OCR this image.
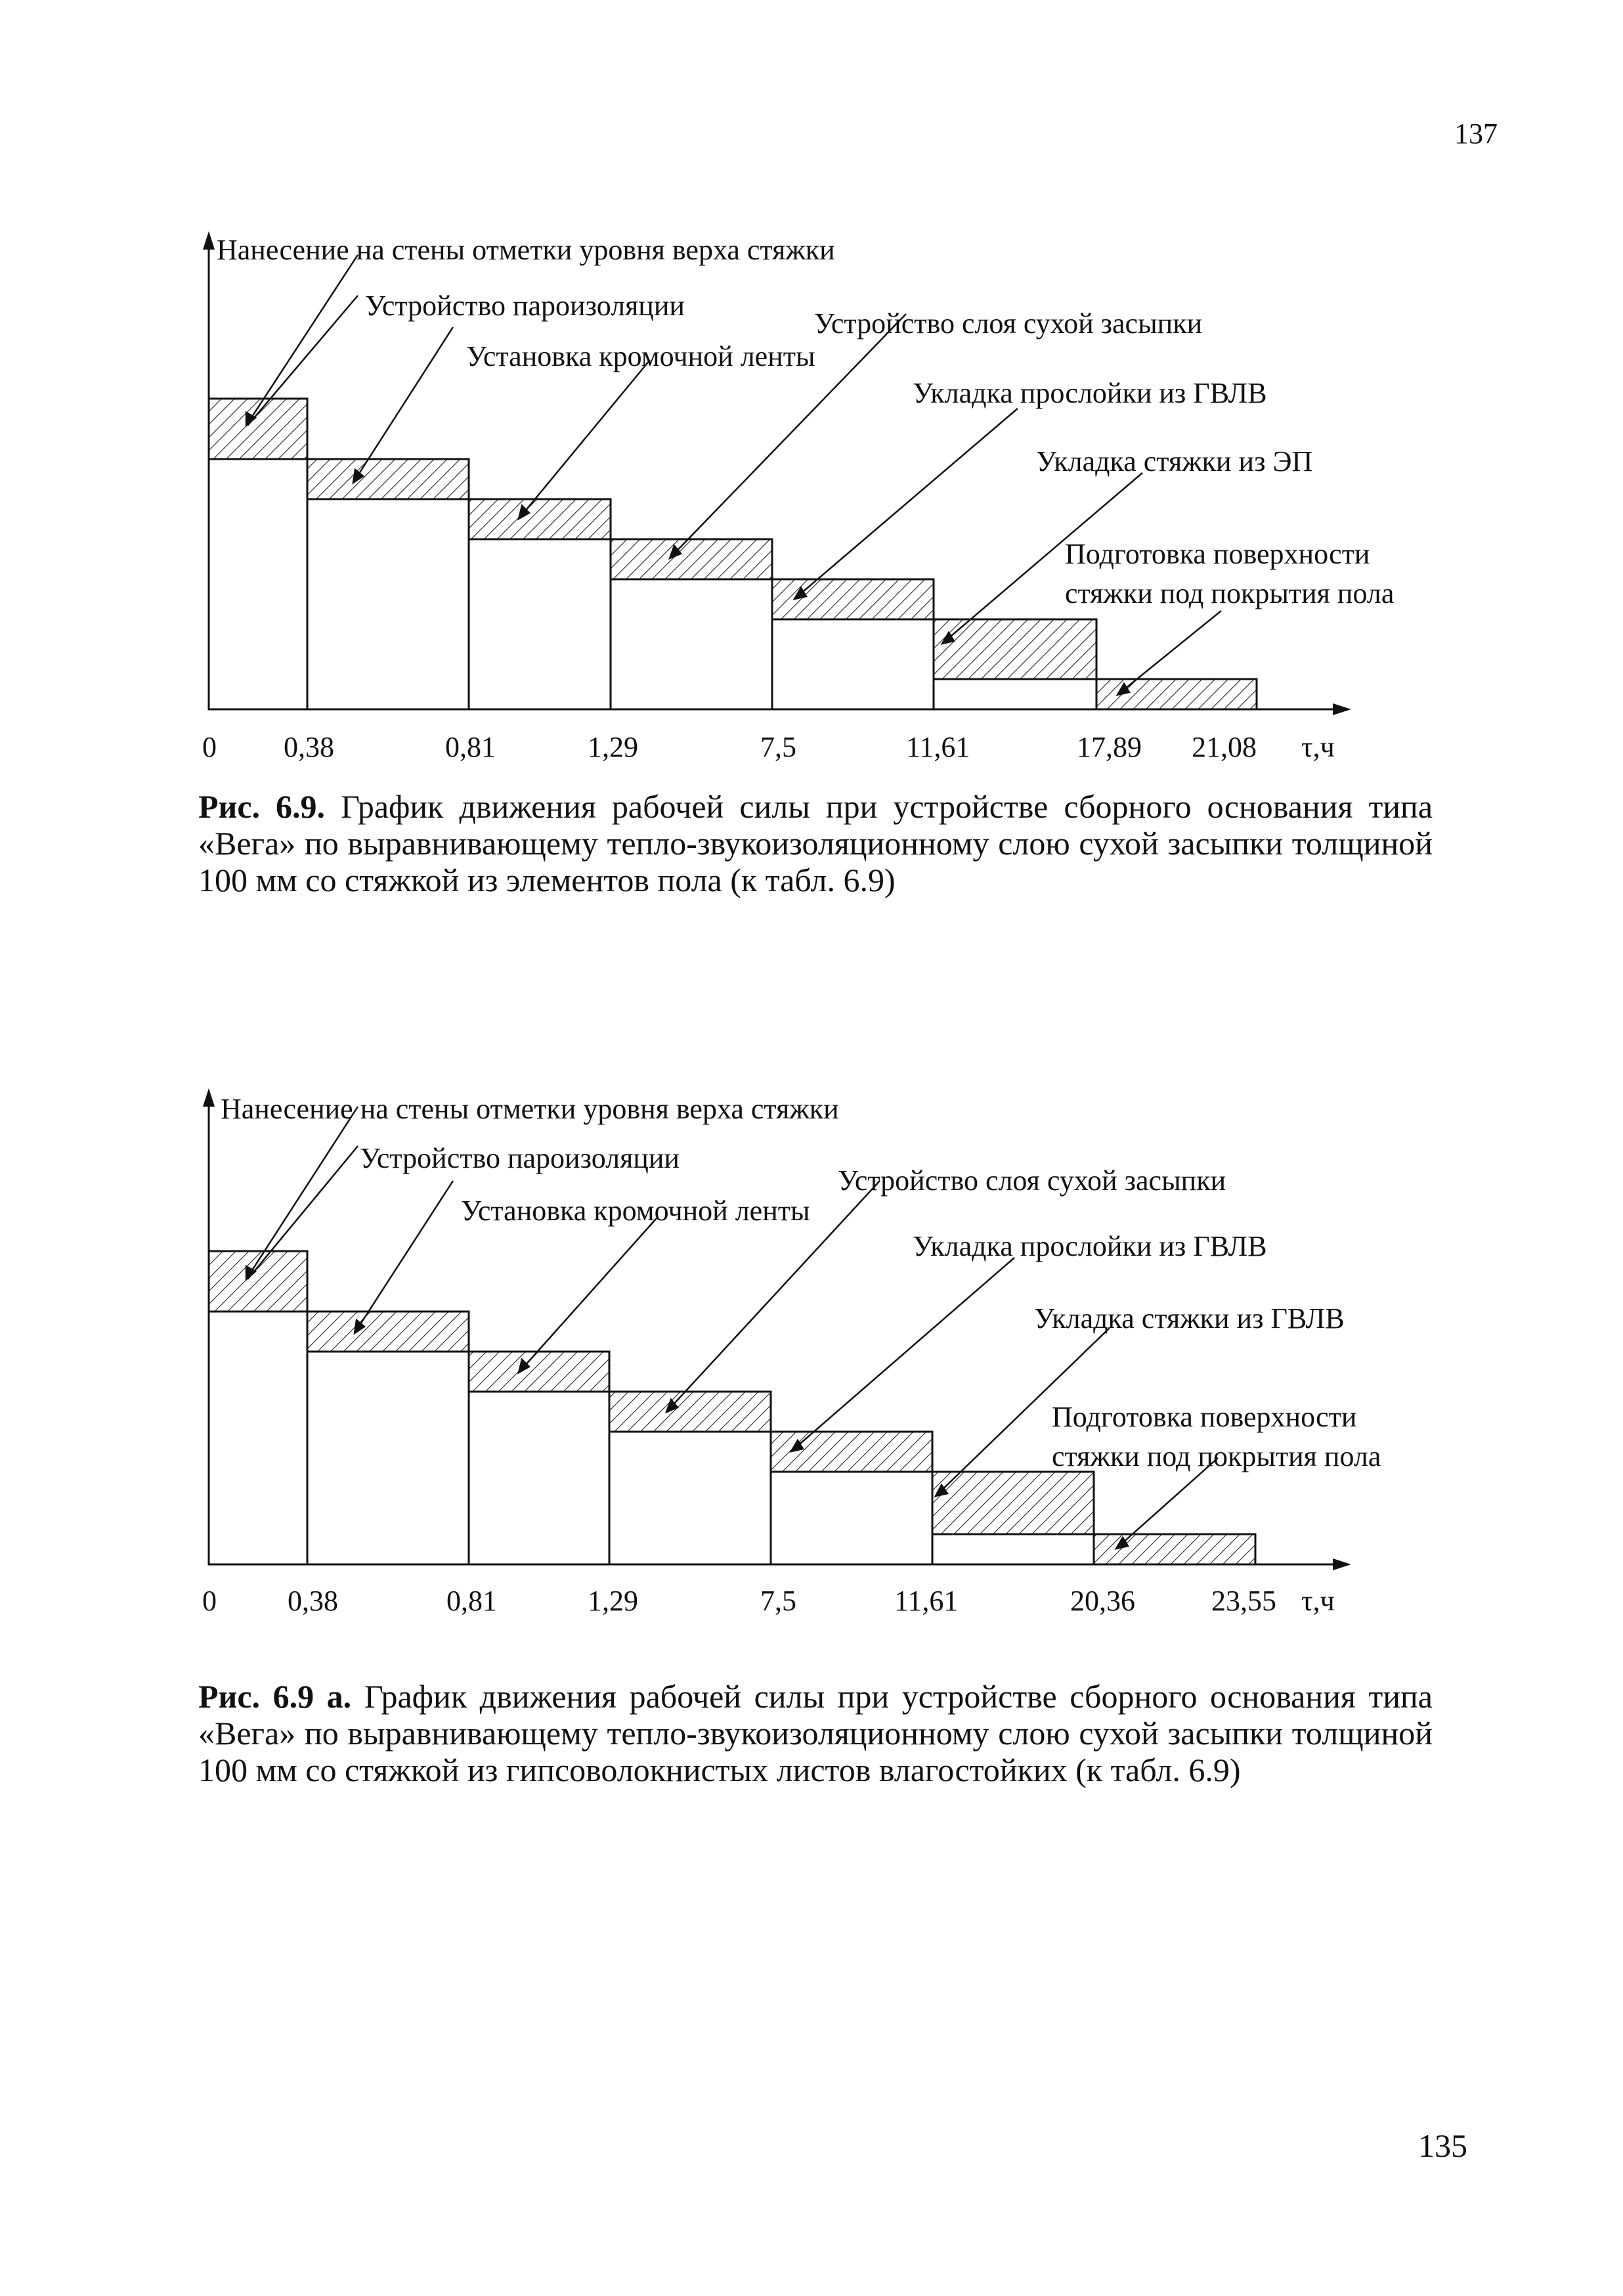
137
Нанесение на стены отметки уровня верха стяжки
Устройство пароизоляции
Установка кромочной ленты
Устройство слоя сухой засыпки
Укладка прослойки из ГВЛВ
Укладка стяжки из ЭП
Подготовка поверхности
стяжки под покрытия пола
0 0,38	0,81	1,29	7,5	11,61	17,89 21,08 τ,ч
Рис. 6.9. График движения рабочей силы при устройстве сборного основания типа «Вега» по выравнивающему тепло-звукоизоляционному слою сухой засыпки толщиной 100 мм со стяжкой из элементов пола (к табл. 6.9)
Нанесение на стены отметки уровня верха стяжки
Устройство пароизоляции
Установка кромочной ленты
Устройство слоя сухой засыпки
Укладка прослойки из ГВЛВ
Укладка стяжки из ГВЛВ
Подготовка поверхности
стяжки под покрытия пола
0 0,38	0,81	1,29	7,5	11,61	20,36	23,55 τ,ч
Рис. 6.9 а. График движения рабочей силы при устройстве сборного основания типа «Вега» по выравнивающему тепло-звукоизоляционному слою сухой засыпки толщиной 100 мм со стяжкой из гипсоволокнистых листов влагостойких (к табл. 6.9)
135
